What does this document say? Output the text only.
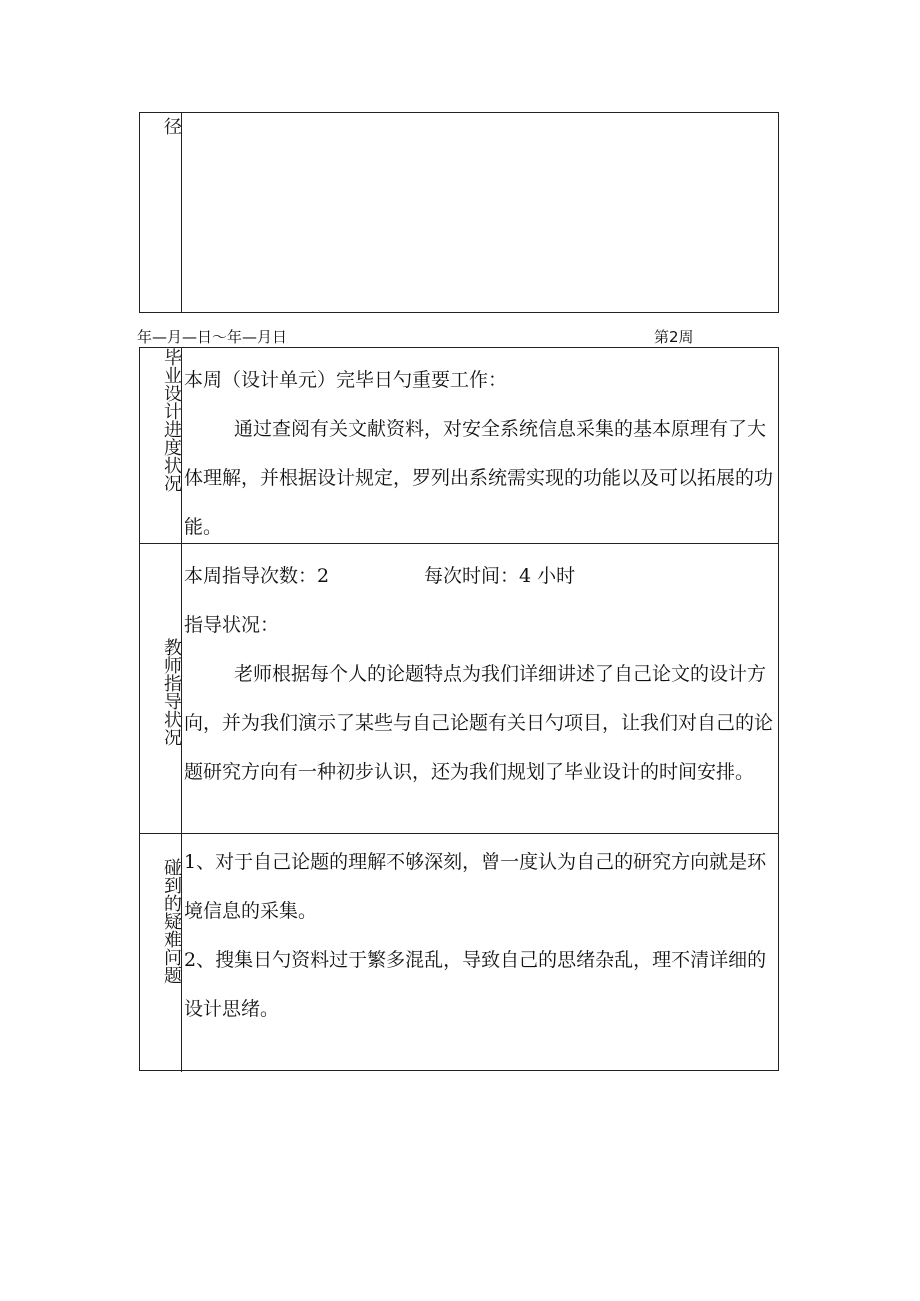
径
年—月—日～年—月日	第2周
毕业设计进度状况 本周（设计单元）完毕日勺重要工作：

通过查阅有关文献资料，对安全系统信息采集的基本原理有了大体理解，并根据设计规定，罗列出系统需实现的功能以及可以拓展的功能。

教师指导状况

本周指导次数：2	每次时间：4 小时

指导状况：

老师根据每个人的论题特点为我们详细讲述了自己论文的设计方向，并为我们演示了某些与自己论题有关日勺项目，让我们对自己的论题研究方向有一种初步认识，还为我们规划了毕业设计的时间安排。

碰到的疑难问题 1、对于自己论题的理解不够深刻，曾一度认为自己的研究方向就是环境信息的采集。

2、搜集日勺资料过于繁多混乱，导致自己的思绪杂乱，理不清详细的设计思绪。
